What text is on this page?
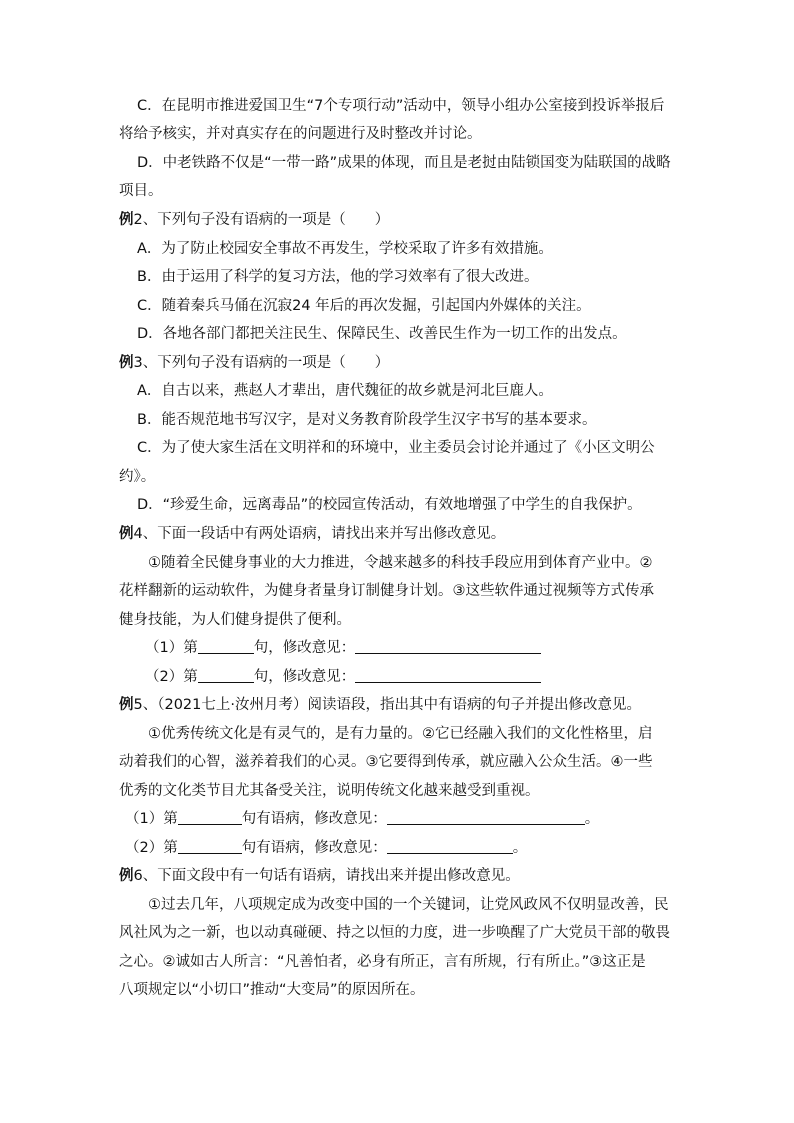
C．在昆明市推进爱国卫生“7个专项行动”活动中，领导小组办公室接到投诉举报后
将给予核实，并对真实存在的问题进行及时整改并讨论。
D．中老铁路不仅是“一带一路”成果的体现，而且是老挝由陆锁国变为陆联国的战略
项目。
例2、下列句子没有语病的一项是（　　）
A．为了防止校园安全事故不再发生，学校采取了许多有效措施。
B．由于运用了科学的复习方法，他的学习效率有了很大改进。
C．随着秦兵马俑在沉寂24 年后的再次发掘，引起国内外媒体的关注。
D．各地各部门都把关注民生、保障民生、改善民生作为一切工作的出发点。
例3、下列句子没有语病的一项是（　　）
A．自古以来，燕赵人才辈出，唐代魏征的故乡就是河北巨鹿人。
B．能否规范地书写汉字，是对义务教育阶段学生汉字书写的基本要求。
C．为了使大家生活在文明祥和的环境中，业主委员会讨论并通过了《小区文明公
约》。
D．“珍爱生命，远离毒品”的校园宣传活动，有效地增强了中学生的自我保护。
例4、下面一段话中有两处语病，请找出来并写出修改意见。
①随着全民健身事业的大力推进，令越来越多的科技手段应用到体育产业中。②
花样翻新的运动软件，为健身者量身订制健身计划。③这些软件通过视频等方式传承
健身技能，为人们健身提供了便利。
（1）第	句，修改意见：
（2）第	句，修改意见：
例5、（2021七上·汝州月考）阅读语段，指出其中有语病的句子并提出修改意见。
①优秀传统文化是有灵气的，是有力量的。②它已经融入我们的文化性格里，启
动着我们的心智，滋养着我们的心灵。③它要得到传承，就应融入公众生活。④一些
优秀的文化类节目尤其备受关注，说明传统文化越来越受到重视。
（1）第	句有语病，修改意见：	。
（2）第	句有语病，修改意见：	。
例6、下面文段中有一句话有语病，请找出来并提出修改意见。
①过去几年，八项规定成为改变中国的一个关键词，让党风政风不仅明显改善，民
风社风为之一新，也以动真碰硬、持之以恒的力度，进一步唤醒了广大党员干部的敬畏
之心。②诚如古人所言：“凡善怕者，必身有所正，言有所规，行有所止。”③这正是
八项规定以“小切口”推动“大变局”的原因所在。
